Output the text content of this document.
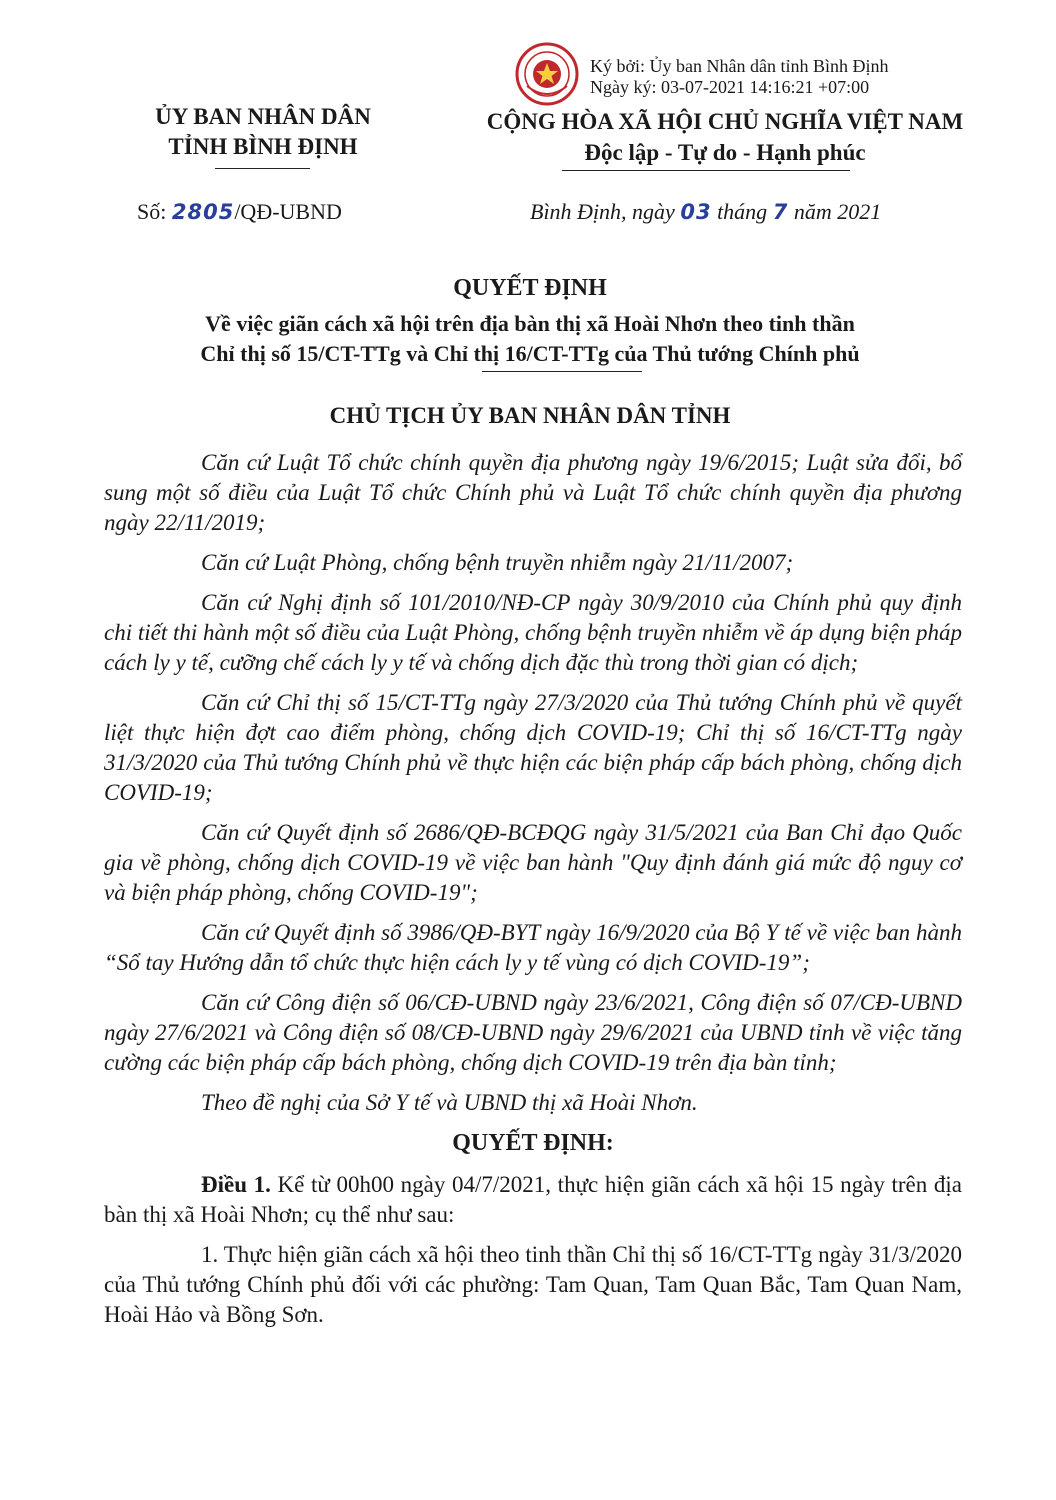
ỦY BAN NHÂN DÂN
TỈNH BÌNH ĐỊNH
Số: 2805/QĐ-UBND
Ký bởi: Ủy ban Nhân dân tỉnh Bình Định
Ngày ký: 03-07-2021 14:16:21 +07:00
CỘNG HÒA XÃ HỘI CHỦ NGHĨA VIỆT NAM
Độc lập - Tự do - Hạnh phúc
Bình Định, ngày 03 tháng 7 năm 2021
QUYẾT ĐỊNH
Về việc giãn cách xã hội trên địa bàn thị xã Hoài Nhơn theo tinh thần
Chỉ thị số 15/CT-TTg và Chỉ thị 16/CT-TTg của Thủ tướng Chính phủ
CHỦ TỊCH ỦY BAN NHÂN DÂN TỈNH

Căn cứ Luật Tổ chức chính quyền địa phương ngày 19/6/2015; Luật sửa đổi, bổ sung một số điều của Luật Tổ chức Chính phủ và Luật Tổ chức chính quyền địa phương ngày 22/11/2019;

Căn cứ Luật Phòng, chống bệnh truyền nhiễm ngày 21/11/2007;

Căn cứ Nghị định số 101/2010/NĐ-CP ngày 30/9/2010 của Chính phủ quy định chi tiết thi hành một số điều của Luật Phòng, chống bệnh truyền nhiễm về áp dụng biện pháp cách ly y tế, cưỡng chế cách ly y tế và chống dịch đặc thù trong thời gian có dịch;

Căn cứ Chỉ thị số 15/CT-TTg ngày 27/3/2020 của Thủ tướng Chính phủ về quyết liệt thực hiện đợt cao điểm phòng, chống dịch COVID-19; Chỉ thị số 16/CT-TTg ngày 31/3/2020 của Thủ tướng Chính phủ về thực hiện các biện pháp cấp bách phòng, chống dịch COVID-19;

Căn cứ Quyết định số 2686/QĐ-BCĐQG ngày 31/5/2021 của Ban Chỉ đạo Quốc gia về phòng, chống dịch COVID-19 về việc ban hành "Quy định đánh giá mức độ nguy cơ và biện pháp phòng, chống COVID-19";

Căn cứ Quyết định số 3986/QĐ-BYT ngày 16/9/2020 của Bộ Y tế về việc ban hành “Sổ tay Hướng dẫn tổ chức thực hiện cách ly y tế vùng có dịch COVID-19”;

Căn cứ Công điện số 06/CĐ-UBND ngày 23/6/2021, Công điện số 07/CĐ-UBND ngày 27/6/2021 và Công điện số 08/CĐ-UBND ngày 29/6/2021 của UBND tỉnh về việc tăng cường các biện pháp cấp bách phòng, chống dịch COVID-19 trên địa bàn tỉnh;

Theo đề nghị của Sở Y tế và UBND thị xã Hoài Nhơn.

QUYẾT ĐỊNH:

Điều 1. Kể từ 00h00 ngày 04/7/2021, thực hiện giãn cách xã hội 15 ngày trên địa bàn thị xã Hoài Nhơn; cụ thể như sau:

1. Thực hiện giãn cách xã hội theo tinh thần Chỉ thị số 16/CT-TTg ngày 31/3/2020 của Thủ tướng Chính phủ đối với các phường: Tam Quan, Tam Quan Bắc, Tam Quan Nam, Hoài Hảo và Bồng Sơn.
